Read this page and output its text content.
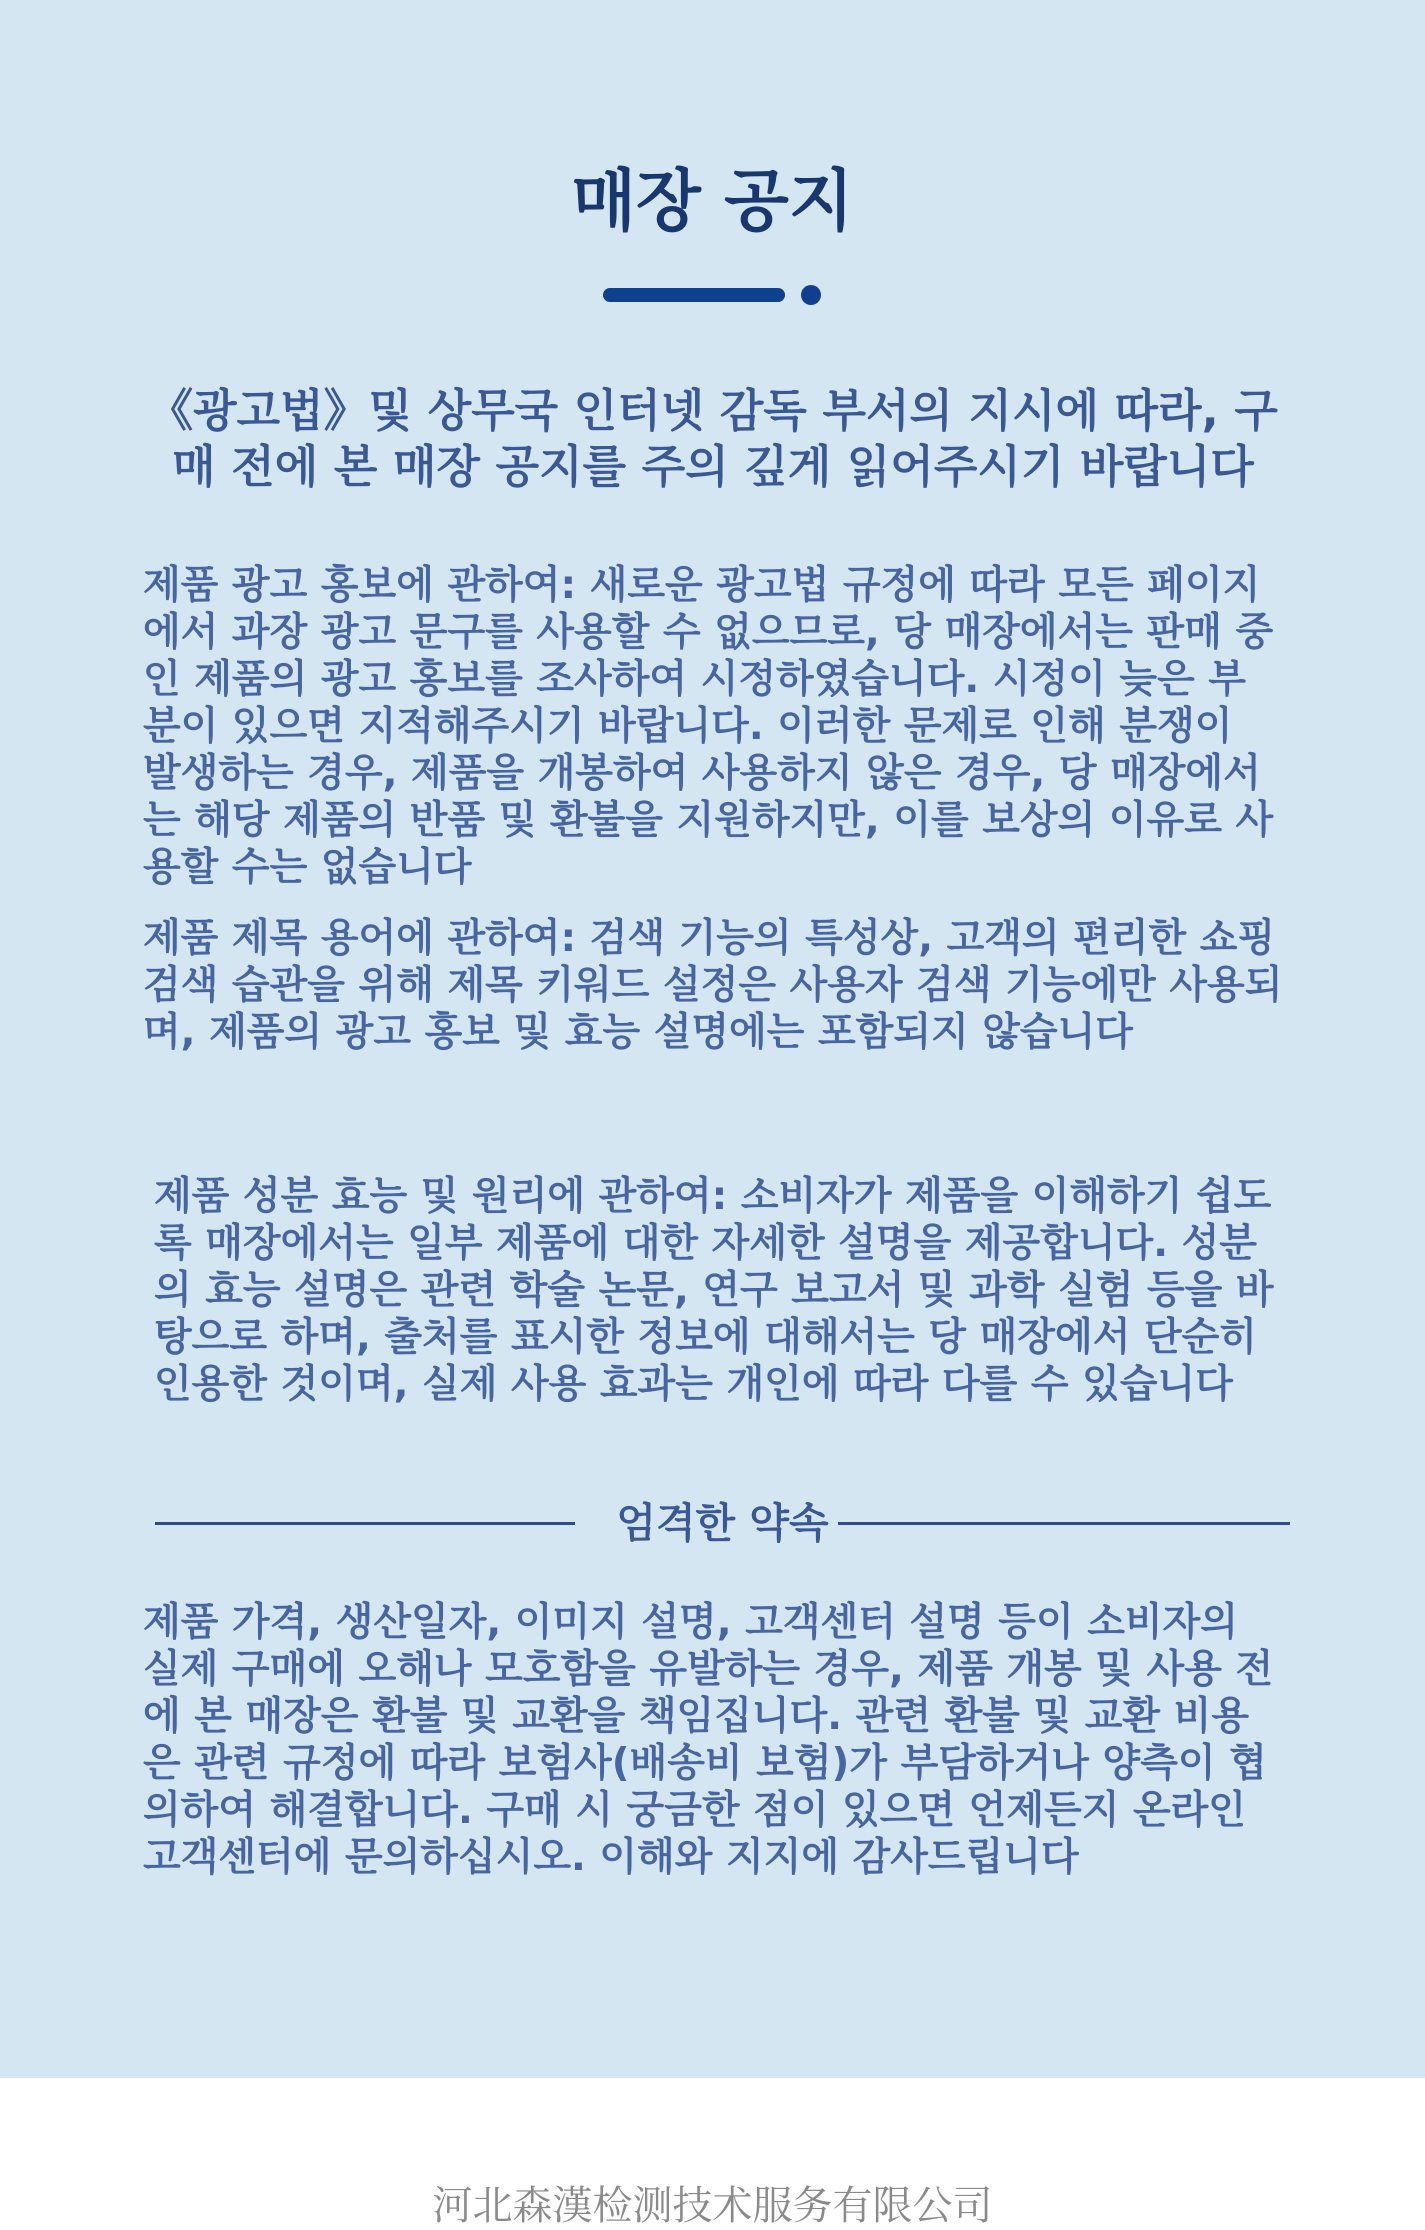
매장 공지

《광고법》및 상무국 인터넷 감독 부서의 지시에 따라, 구매 전에 본 매장 공지를 주의 깊게 읽어주시기 바랍니다

제품 광고 홍보에 관하여: 새로운 광고법 규정에 따라 모든 페이지에서 과장 광고 문구를 사용할 수 없으므로, 당 매장에서는 판매 중인 제품의 광고 홍보를 조사하여 시정하였습니다. 시정이 늦은 부분이 있으면 지적해주시기 바랍니다. 이러한 문제로 인해 분쟁이 발생하는 경우, 제품을 개봉하여 사용하지 않은 경우, 당 매장에서는 해당 제품의 반품 및 환불을 지원하지만, 이를 보상의 이유로 사용할 수는 없습니다

제품 제목 용어에 관하여: 검색 기능의 특성상, 고객의 편리한 쇼핑 검색 습관을 위해 제목 키워드 설정은 사용자 검색 기능에만 사용되며, 제품의 광고 홍보 및 효능 설명에는 포함되지 않습니다

제품 성분 효능 및 원리에 관하여: 소비자가 제품을 이해하기 쉽도록 매장에서는 일부 제품에 대한 자세한 설명을 제공합니다. 성분의 효능 설명은 관련 학술 논문, 연구 보고서 및 과학 실험 등을 바탕으로 하며, 출처를 표시한 정보에 대해서는 당 매장에서 단순히 인용한 것이며, 실제 사용 효과는 개인에 따라 다를 수 있습니다

엄격한 약속

제품 가격, 생산일자, 이미지 설명, 고객센터 설명 등이 소비자의 실제 구매에 오해나 모호함을 유발하는 경우, 제품 개봉 및 사용 전에 본 매장은 환불 및 교환을 책임집니다. 관련 환불 및 교환 비용은 관련 규정에 따라 보험사(배송비 보험)가 부담하거나 양측이 협의하여 해결합니다. 구매 시 궁금한 점이 있으면 언제든지 온라인 고객센터에 문의하십시오. 이해와 지지에 감사드립니다

河北森漢检测技术服务有限公司
